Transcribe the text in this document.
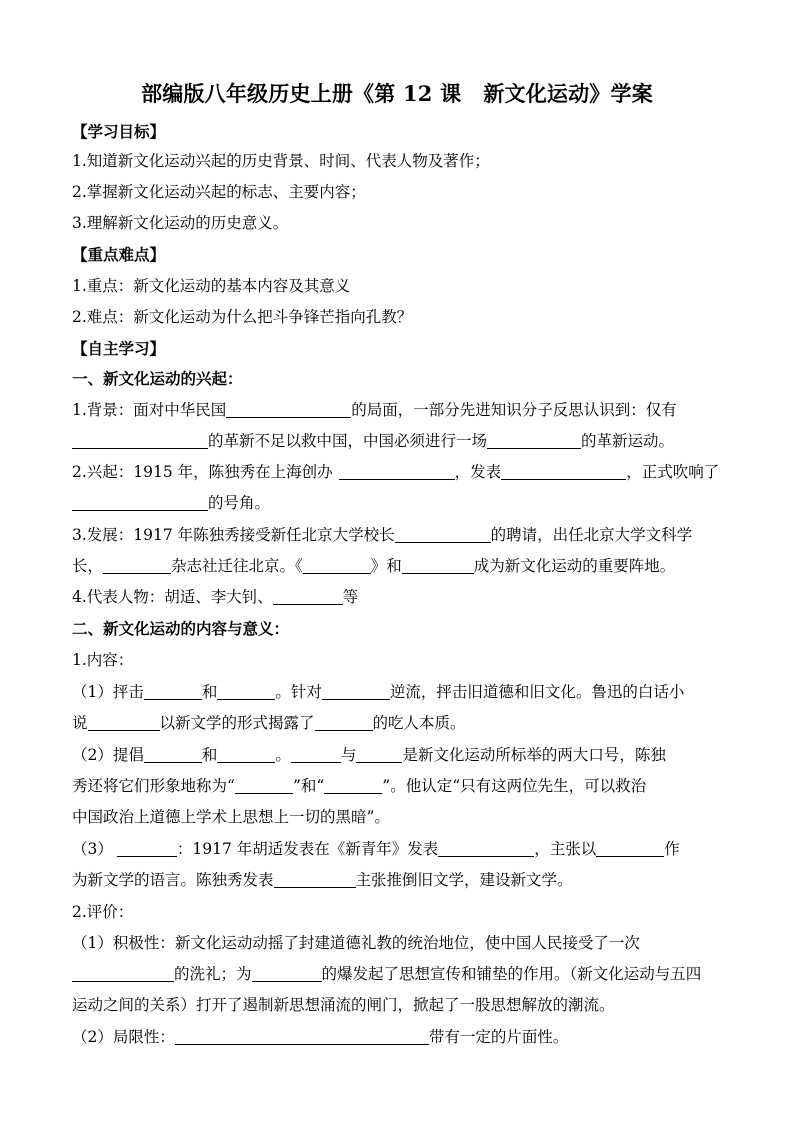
部编版八年级历史上册《第 12 课 新文化运动》学案
【学习目标】
1.知道新文化运动兴起的历史背景、时间、代表人物及著作；
2.掌握新文化运动兴起的标志、主要内容；
3.理解新文化运动的历史意义。
【重点难点】
1.重点：新文化运动的基本内容及其意义
2.难点：新文化运动为什么把斗争锋芒指向孔教？
【自主学习】
一、新文化运动的兴起：
1.背景：面对中华民国	的局面，一部分先进知识分子反思认识到：仅有
的革新不足以救中国，中国必须进行一场	的革新运动。
2.兴起：1915 年，陈独秀在上海创办	，发表	，正式吹响了
的号角。
3.发展：1917 年陈独秀接受新任北京大学校长	的聘请，出任北京大学文科学
长，	杂志社迁往北京。《	》和	成为新文化运动的重要阵地。
4.代表人物：胡适、李大钊、	等
二、新文化运动的内容与意义：
1.内容：
（1）抨击	和	。针对	逆流，抨击旧道德和旧文化。鲁迅的白话小
说	以新文学的形式揭露了	的吃人本质。
（2）提倡	和	。	与	是新文化运动所标举的两大口号，陈独
秀还将它们形象地称为“	”和“	”。他认定“只有这两位先生，可以救治
中国政治上道德上学术上思想上一切的黑暗”。
（3）	：1917 年胡适发表在《新青年》发表	，主张以	作
为新文学的语言。陈独秀发表	主张推倒旧文学，建设新文学。
2.评价：
（1）积极性：新文化运动动摇了封建道德礼教的统治地位，使中国人民接受了一次
的洗礼；为	的爆发起了思想宣传和铺垫的作用。（新文化运动与五四
运动之间的关系）打开了遏制新思想涌流的闸门，掀起了一股思想解放的潮流。
（2）局限性：	带有一定的片面性。
